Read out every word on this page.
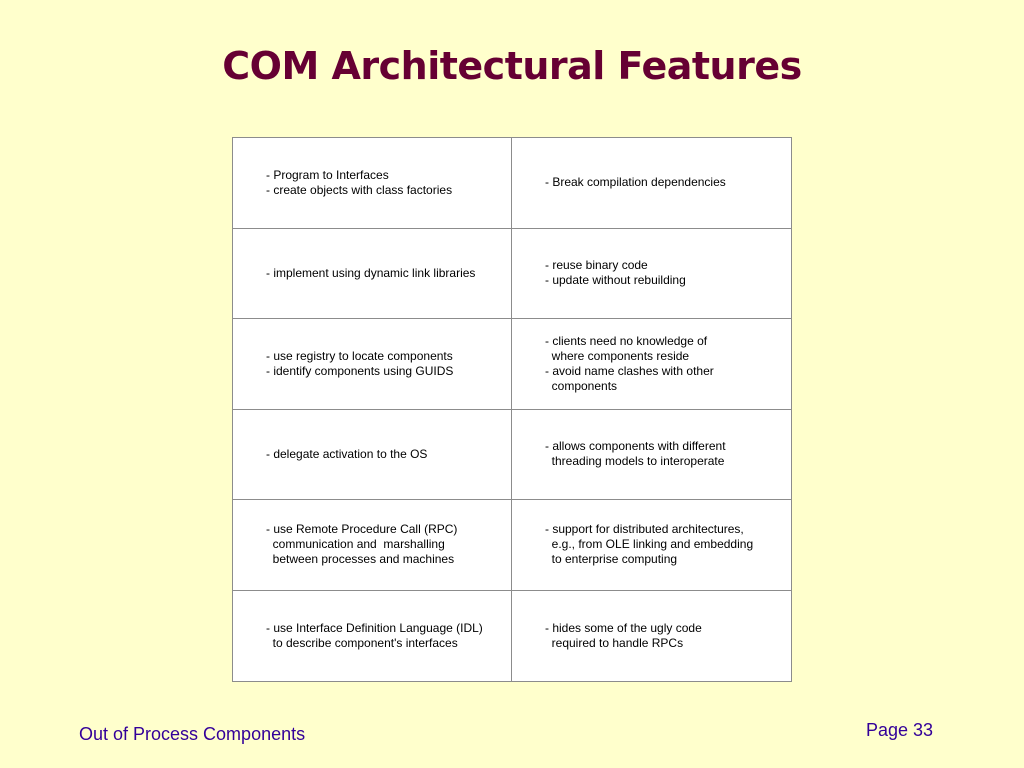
COM Architectural Features
- Program to Interfaces
- create objects with class factories
- Break compilation dependencies
- implement using dynamic link libraries
- reuse binary code
- update without rebuilding
- use registry to locate components
- identify components using GUIDS
- clients need no knowledge of
where components reside
- avoid name clashes with other
components
- delegate activation to the OS
- allows components with different
threading models to interoperate
- use Remote Procedure Call (RPC)
communication and  marshalling
between processes and machines
- support for distributed architectures,
e.g., from OLE linking and embedding
to enterprise computing
- use Interface Definition Language (IDL)
to describe component's interfaces
- hides some of the ugly code
required to handle RPCs
Out of Process Components	Page 33
